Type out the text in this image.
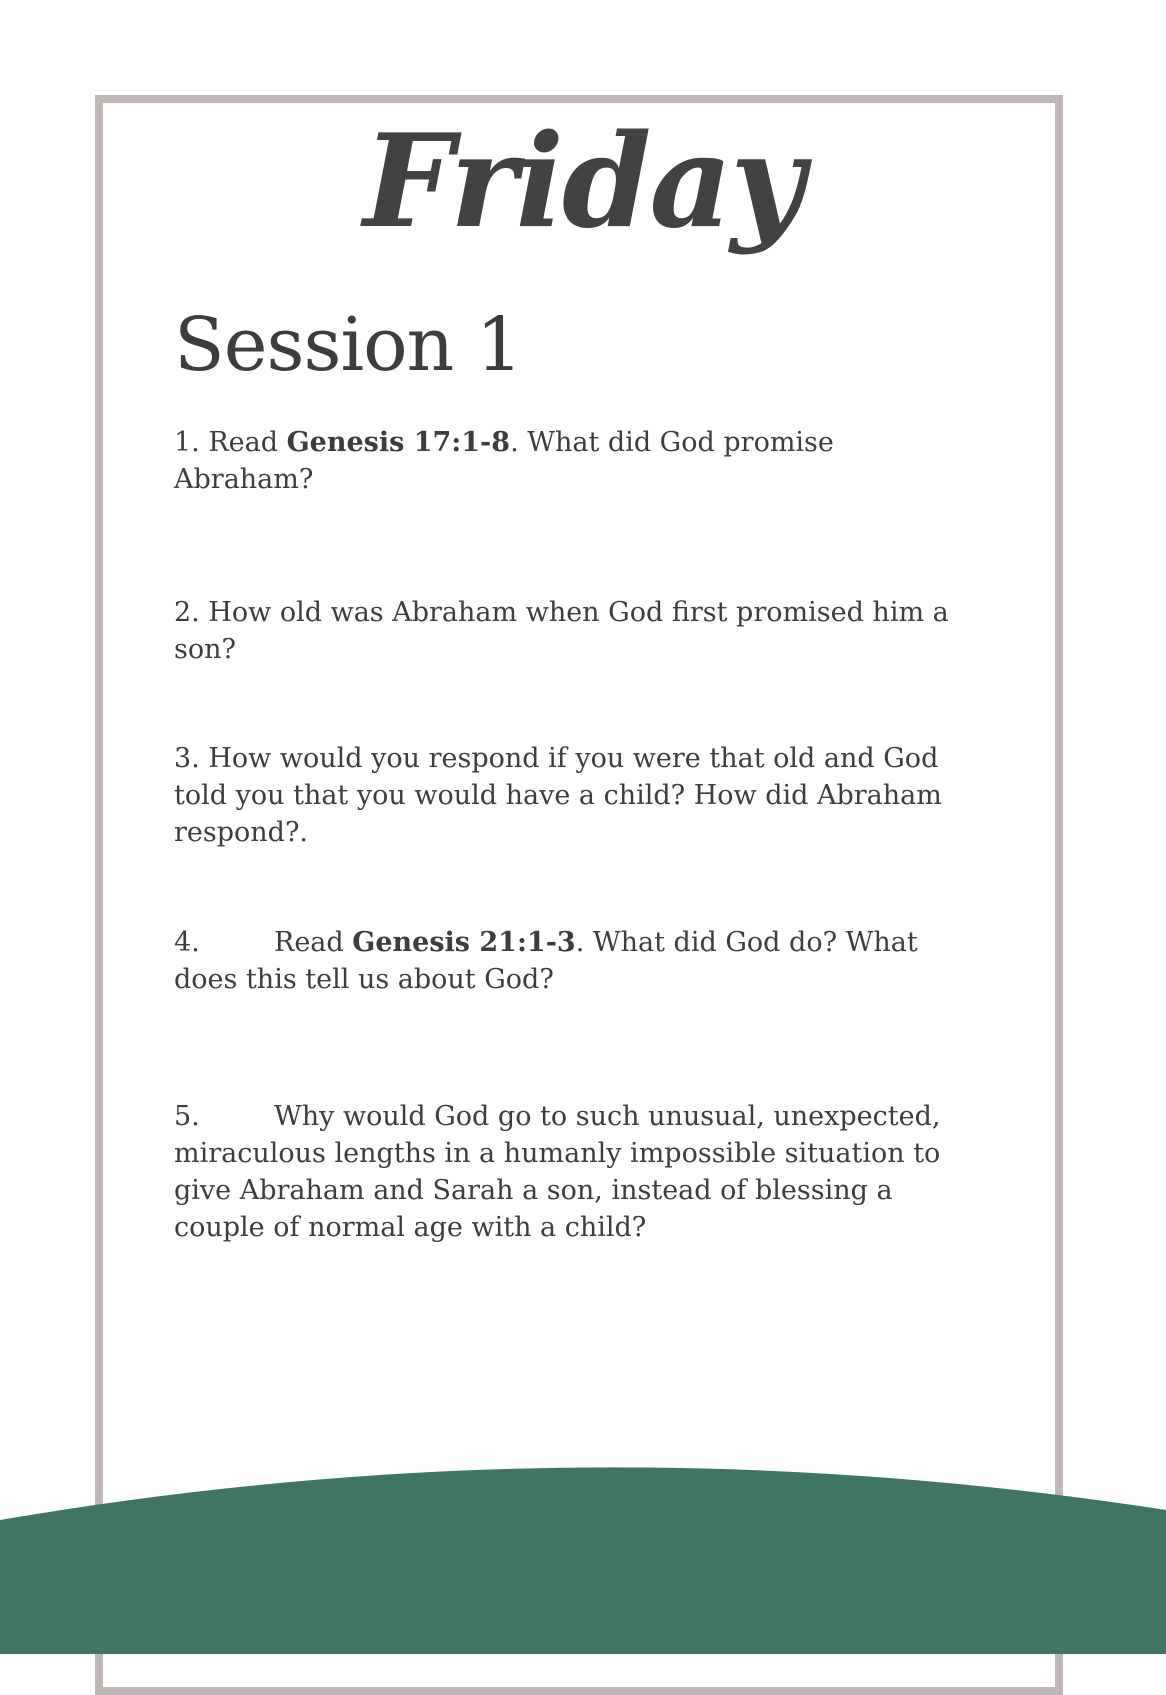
Friday
Session 1

1. Read Genesis 17:1-8. What did God promise Abraham?

2. How old was Abraham when God first promised him a son?

3. How would you respond if you were that old and God told you that you would have a child? How did Abraham respond?.

4.	Read Genesis 21:1-3. What did God do? What does this tell us about God?

5.	Why would God go to such unusual, unexpected, miraculous lengths in a humanly impossible situation to give Abraham and Sarah a son, instead of blessing a couple of normal age with a child?
